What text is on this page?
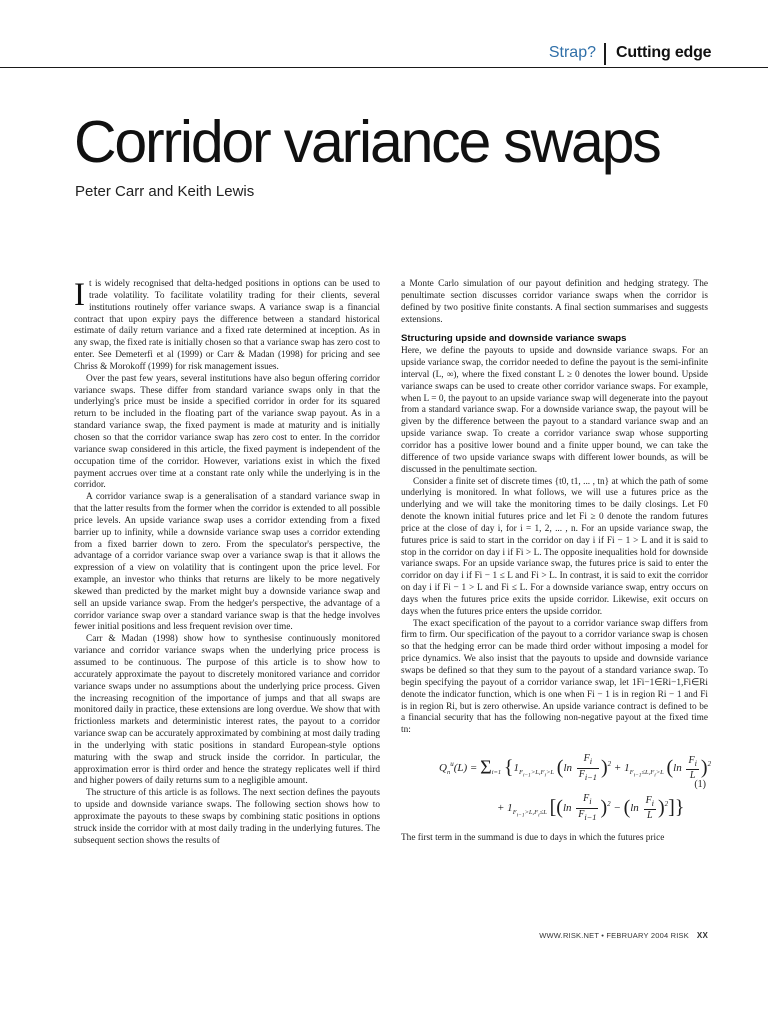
Strap? Cutting edge
Corridor variance swaps
Peter Carr and Keith Lewis

It is widely recognised that delta-hedged positions in options can be used to trade volatility. To facilitate volatility trading for their clients, several institutions routinely offer variance swaps. A variance swap is a financial contract that upon expiry pays the difference between a standard historical estimate of daily return variance and a fixed rate determined at inception. As in any swap, the fixed rate is initially chosen so that a variance swap has zero cost to enter. See Demeterfi et al (1999) or Carr & Madan (1998) for pricing and see Chriss & Morokoff (1999) for risk management issues.

Over the past few years, several institutions have also begun offering corridor variance swaps. These differ from standard variance swaps only in that the underlying's price must be inside a specified corridor in order for its squared return to be included in the floating part of the variance swap payout. As in a standard variance swap, the fixed payment is made at maturity and is initially chosen so that the corridor variance swap has zero cost to enter. In the corridor variance swap considered in this article, the fixed payment is independent of the occupation time of the corridor. However, variations exist in which the fixed payment accrues over time at a constant rate only while the underlying is in the corridor.

A corridor variance swap is a generalisation of a standard variance swap in that the latter results from the former when the corridor is extended to all possible price levels. An upside variance swap uses a corridor extending from a fixed barrier up to infinity, while a downside variance swap uses a corridor extending from a fixed barrier down to zero. From the speculator's perspective, the advantage of a corridor variance swap over a variance swap is that it allows the expression of a view on volatility that is contingent upon the price level. For example, an investor who thinks that returns are likely to be more negatively skewed than predicted by the market might buy a downside variance swap and sell an upside variance swap. From the hedger's perspective, the advantage of a corridor variance swap over a standard variance swap is that the hedge involves fewer initial positions and less frequent revision over time.

Carr & Madan (1998) show how to synthesise continuously monitored variance and corridor variance swaps when the underlying price process is assumed to be continuous. The purpose of this article is to show how to accurately approximate the payout to discretely monitored variance and corridor variance swaps under no assumptions about the underlying price process. Given the increasing recognition of the importance of jumps and that all swaps are monitored daily in practice, these extensions are long overdue. We show that with frictionless markets and deterministic interest rates, the payout to a corridor variance swap can be accurately approximated by combining at most daily trading in the underlying with static positions in standard European-style options maturing with the swap and struck inside the corridor. In particular, the approximation error is third order and hence the strategy replicates well if third and higher powers of daily returns sum to a negligible amount.

The structure of this article is as follows. The next section defines the payouts to upside and downside variance swaps. The following section shows how to approximate the payouts to these swaps by combining static positions in options struck inside the corridor with at most daily trading in the underlying futures. The subsequent section shows the results of

a Monte Carlo simulation of our payout definition and hedging strategy. The penultimate section discusses corridor variance swaps when the corridor is defined by two positive finite constants. A final section summarises and suggests extensions.

Structuring upside and downside variance swaps

Here, we define the payouts to upside and downside variance swaps. For an upside variance swap, the corridor needed to define the payout is the semi-infinite interval (L, ∞), where the fixed constant L ≥ 0 denotes the lower bound. Upside variance swaps can be used to create other corridor variance swaps. For example, when L = 0, the payout to an upside variance swap will degenerate into the payout from a standard variance swap. For a downside variance swap, the payout will be given by the difference between the payout to a standard variance swap and an upside variance swap. To create a corridor variance swap whose supporting corridor has a positive lower bound and a finite upper bound, we can take the difference of two upside variance swaps with different lower bounds, as will be discussed in the penultimate section.

Consider a finite set of discrete times {t0, t1, ... , tn} at which the path of some underlying is monitored. In what follows, we will use a futures price as the underlying and we will take the monitoring times to be daily closings. Let F0 denote the known initial futures price and let Fi ≥ 0 denote the random futures price at the close of day i, for i = 1, 2, ... , n. For an upside variance swap, the futures price is said to start in the corridor on day i if Fi − 1 > L and it is said to stop in the corridor on day i if Fi > L. The opposite inequalities hold for downside variance swaps. For an upside variance swap, the futures price is said to enter the corridor on day i if Fi − 1 ≤ L and Fi > L. In contrast, it is said to exit the corridor on day i if Fi − 1 > L and Fi ≤ L. For a downside variance swap, entry occurs on days when the futures price exits the upside corridor. Likewise, exit occurs on days when the futures price enters the upside corridor.

The exact specification of the payout to a corridor variance swap differs from firm to firm. Our specification of the payout to a corridor variance swap is chosen so that the hedging error can be made third order without imposing a model for price dynamics. We also insist that the payouts to upside and downside variance swaps be defined so that they sum to the payout of a standard variance swap. To begin specifying the payout of a corridor variance swap, let 1Fi−1∈Ri−1,Fi∈Ri denote the indicator function, which is one when Fi − 1 is in region Ri − 1 and Fi is in region Ri, but is zero otherwise. An upside variance contract is defined to be a financial security that has the following non-negative payout at the fixed time tn:

$Q_n^u(L) = \Sigma_{i=1}$ {$1_{F_{i-1}>L,F_i>L}$ $(\ln \frac{F_i}{F_{i-1}} )^2 + 1_{F_{i-1}\le L,F_i>L}$ $(\ln \frac{F_i}{L} )^2$
+ $1_{F_{i-1}>L,F_i\le L}$ $[(\ln \frac{F_i}{F_{i-1}} )^2 - (\ln \frac{F_i}{L} )^2]$}
(1)

The first term in the summand is due to days in which the futures price

WWW.RISK.NET • FEBRUARY 2004 RISK XX
